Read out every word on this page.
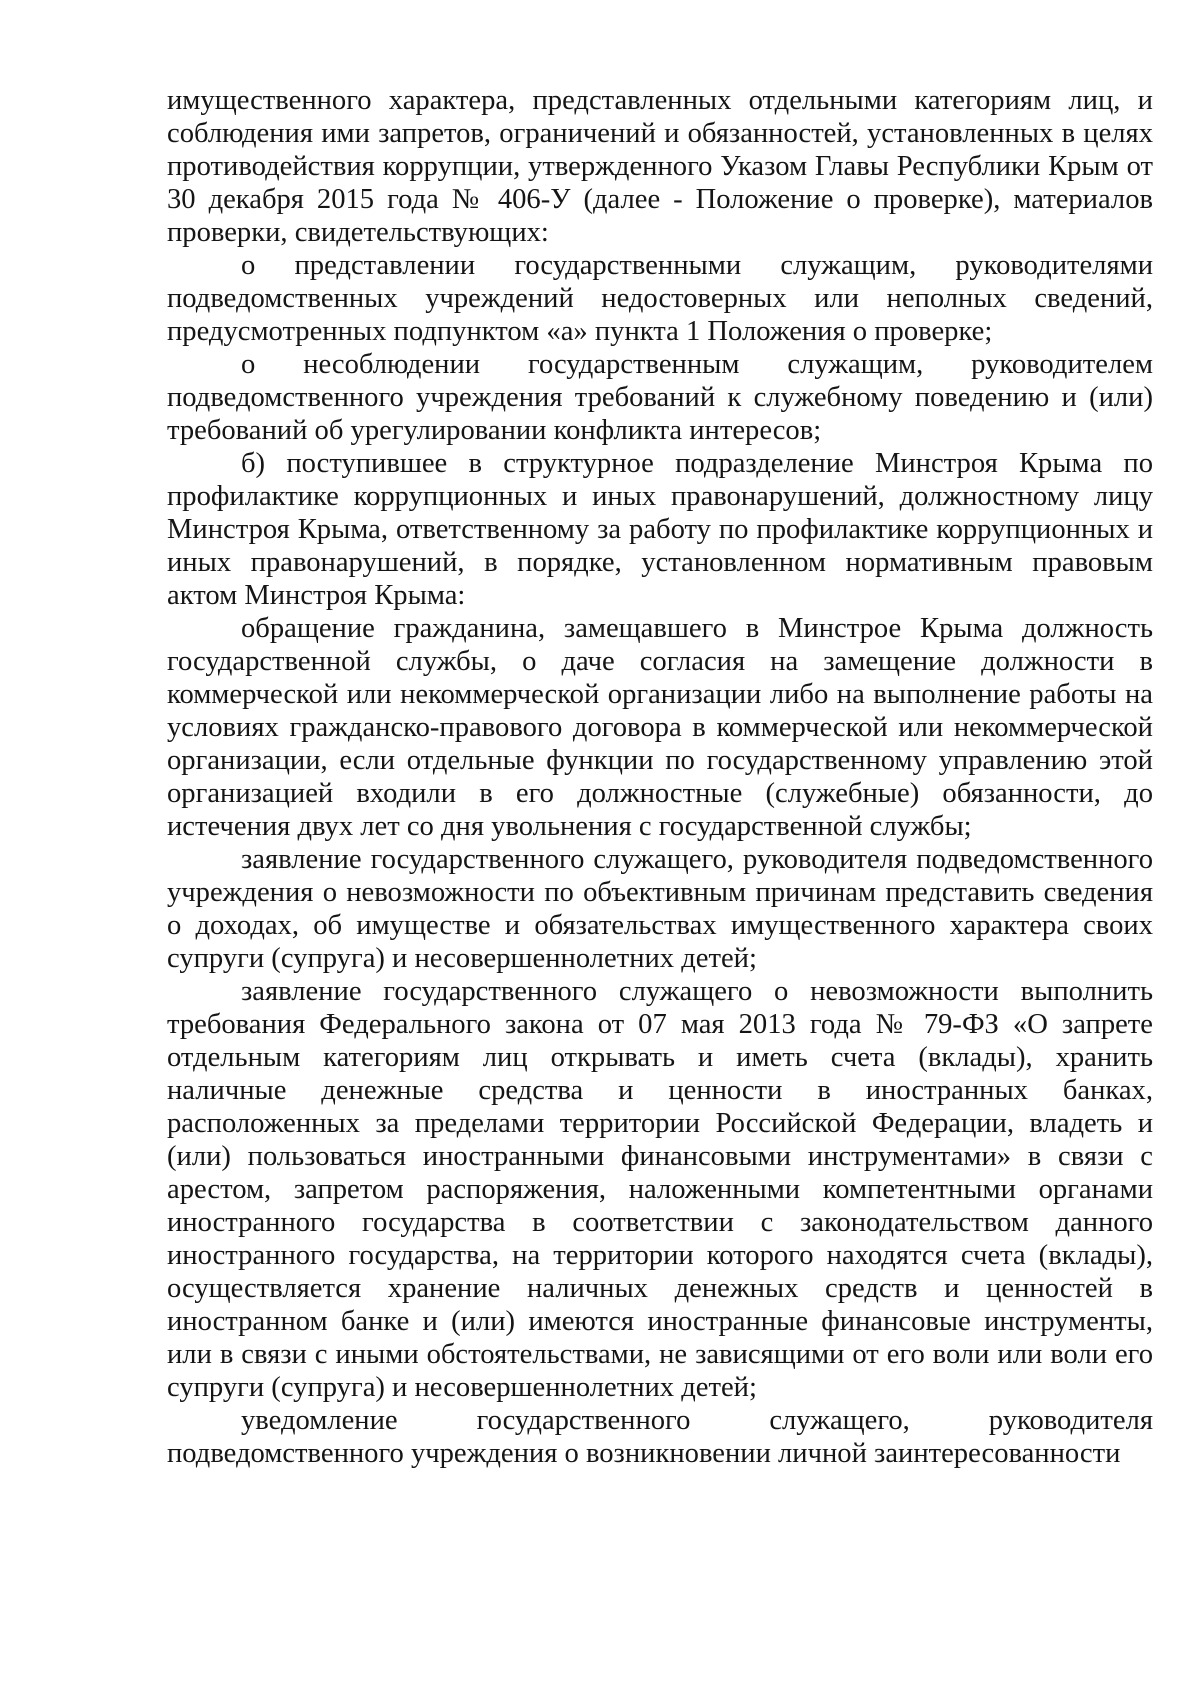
имущественного характера, представленных отдельными категориям лиц, и соблюдения ими запретов, ограничений и обязанностей, установленных в целях противодействия коррупции, утвержденного Указом Главы Республики Крым от 30 декабря 2015 года № 406-У (далее - Положение о проверке), материалов проверки, свидетельствующих:

о представлении государственными служащим, руководителями подведомственных учреждений недостоверных или неполных сведений, предусмотренных подпунктом «а» пункта 1 Положения о проверке;

о несоблюдении государственным служащим, руководителем подведомственного учреждения требований к служебному поведению и (или) требований об урегулировании конфликта интересов;

б) поступившее в структурное подразделение Минстроя Крыма по профилактике коррупционных и иных правонарушений, должностному лицу Минстроя Крыма, ответственному за работу по профилактике коррупционных и иных правонарушений, в порядке, установленном нормативным правовым актом Минстроя Крыма:

обращение гражданина, замещавшего в Минстрое Крыма должность государственной службы, о даче согласия на замещение должности в коммерческой или некоммерческой организации либо на выполнение работы на условиях гражданско-правового договора в коммерческой или некоммерческой организации, если отдельные функции по государственному управлению этой организацией входили в его должностные (служебные) обязанности, до истечения двух лет со дня увольнения с государственной службы;

заявление государственного служащего, руководителя подведомственного учреждения о невозможности по объективным причинам представить сведения о доходах, об имуществе и обязательствах имущественного характера своих супруги (супруга) и несовершеннолетних детей;

заявление государственного служащего о невозможности выполнить требования Федерального закона от 07 мая 2013 года № 79-ФЗ «О запрете отдельным категориям лиц открывать и иметь счета (вклады), хранить наличные денежные средства и ценности в иностранных банках, расположенных за пределами территории Российской Федерации, владеть и (или) пользоваться иностранными финансовыми инструментами» в связи с арестом, запретом распоряжения, наложенными компетентными органами иностранного государства в соответствии с законодательством данного иностранного государства, на территории которого находятся счета (вклады), осуществляется хранение наличных денежных средств и ценностей в иностранном банке и (или) имеются иностранные финансовые инструменты, или в связи с иными обстоятельствами, не зависящими от его воли или воли его супруги (супруга) и несовершеннолетних детей;

уведомление государственного служащего, руководителя подведомственного учреждения о возникновении личной заинтересованности
